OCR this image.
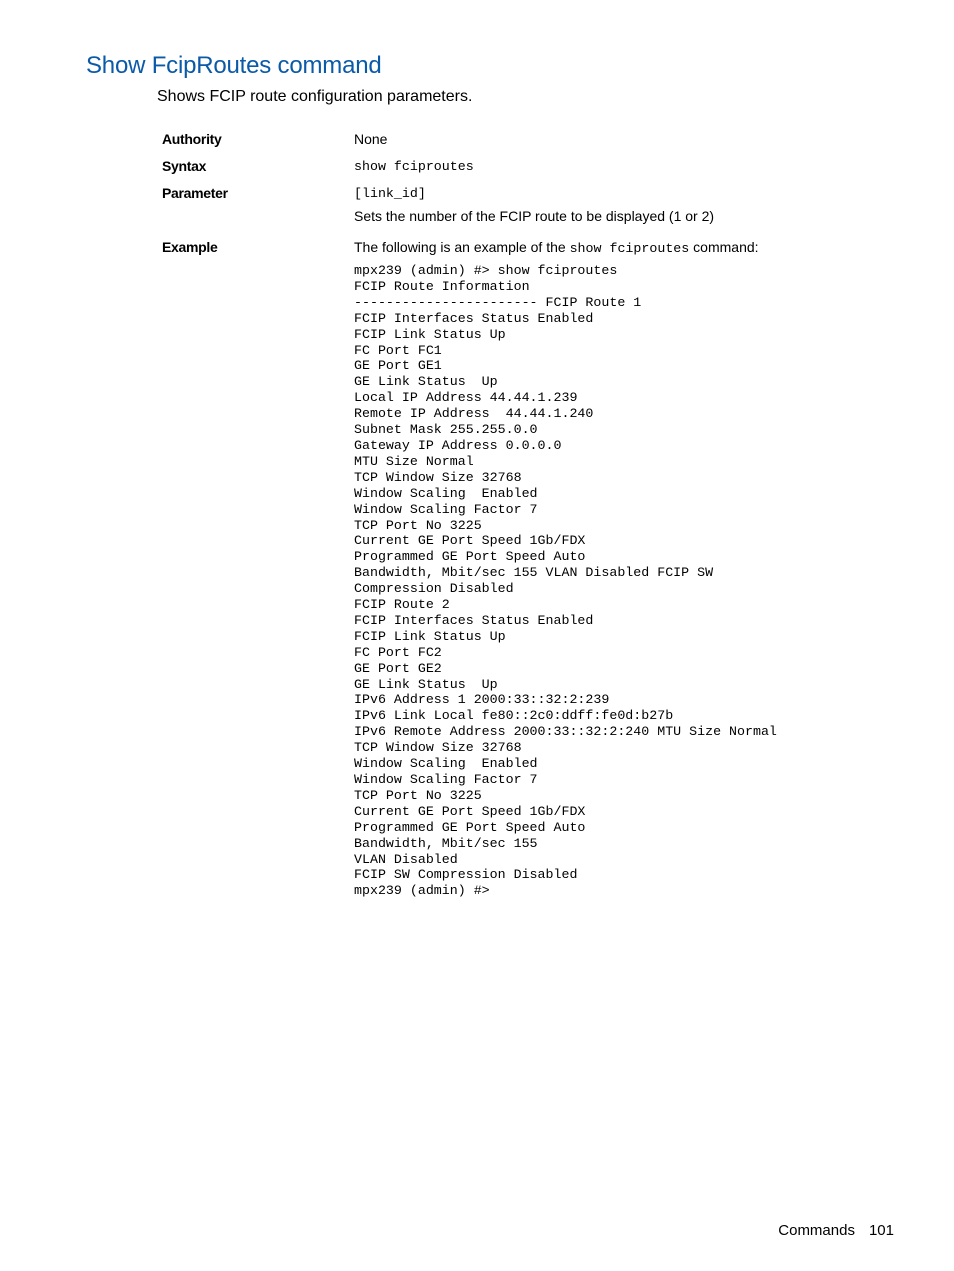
Show FcipRoutes command

Shows FCIP route configuration parameters.

Authority	None
Syntax	show fciproutes
Parameter	[link_id]
Sets the number of the FCIP route to be displayed (1 or 2)
Example	The following is an example of the show fciproutes command:
mpx239 (admin) #> show fciproutes
FCIP Route Information
----------------------- FCIP Route 1
FCIP Interfaces Status Enabled
FCIP Link Status Up
FC Port FC1
GE Port GE1
GE Link Status  Up
Local IP Address 44.44.1.239
Remote IP Address  44.44.1.240
Subnet Mask 255.255.0.0
Gateway IP Address 0.0.0.0
MTU Size Normal
TCP Window Size 32768
Window Scaling  Enabled
Window Scaling Factor 7
TCP Port No 3225
Current GE Port Speed 1Gb/FDX
Programmed GE Port Speed Auto
Bandwidth, Mbit/sec 155 VLAN Disabled FCIP SW
Compression Disabled
FCIP Route 2
FCIP Interfaces Status Enabled
FCIP Link Status Up
FC Port FC2
GE Port GE2
GE Link Status  Up
IPv6 Address 1 2000:33::32:2:239
IPv6 Link Local fe80::2c0:ddff:fe0d:b27b
IPv6 Remote Address 2000:33::32:2:240 MTU Size Normal
TCP Window Size 32768
Window Scaling  Enabled
Window Scaling Factor 7
TCP Port No 3225
Current GE Port Speed 1Gb/FDX
Programmed GE Port Speed Auto
Bandwidth, Mbit/sec 155
VLAN Disabled
FCIP SW Compression Disabled
mpx239 (admin) #>
Commands 101
